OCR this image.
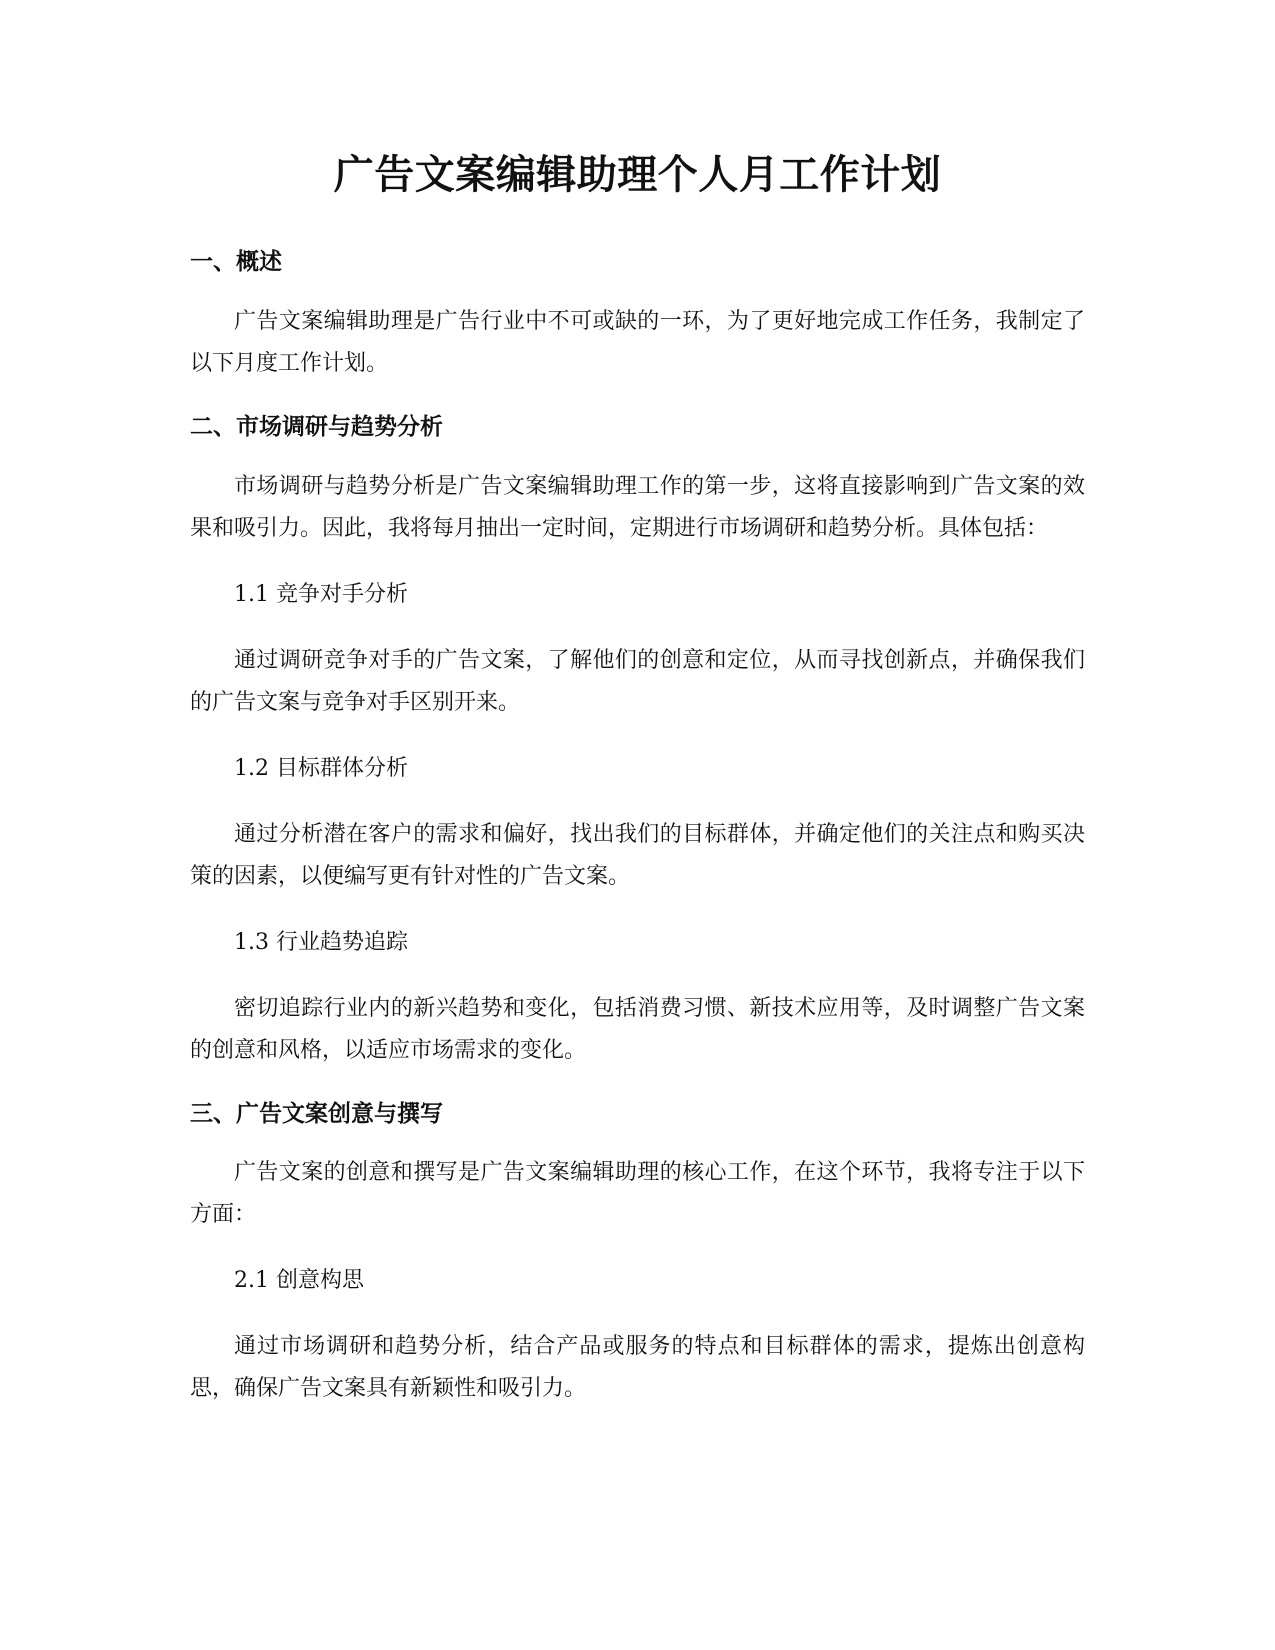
广告文案编辑助理个人月工作计划
一、概述

广告文案编辑助理是广告行业中不可或缺的一环，为了更好地完成工作任务，我制定了以下月度工作计划。

二、市场调研与趋势分析

市场调研与趋势分析是广告文案编辑助理工作的第一步，这将直接影响到广告文案的效果和吸引力。因此，我将每月抽出一定时间，定期进行市场调研和趋势分析。具体包括：

1.1 竞争对手分析

通过调研竞争对手的广告文案，了解他们的创意和定位，从而寻找创新点，并确保我们的广告文案与竞争对手区别开来。

1.2 目标群体分析

通过分析潜在客户的需求和偏好，找出我们的目标群体，并确定他们的关注点和购买决策的因素，以便编写更有针对性的广告文案。

1.3 行业趋势追踪

密切追踪行业内的新兴趋势和变化，包括消费习惯、新技术应用等，及时调整广告文案的创意和风格，以适应市场需求的变化。

三、广告文案创意与撰写

广告文案的创意和撰写是广告文案编辑助理的核心工作，在这个环节，我将专注于以下方面：

2.1 创意构思

通过市场调研和趋势分析，结合产品或服务的特点和目标群体的需求，提炼出创意构思，确保广告文案具有新颖性和吸引力。
